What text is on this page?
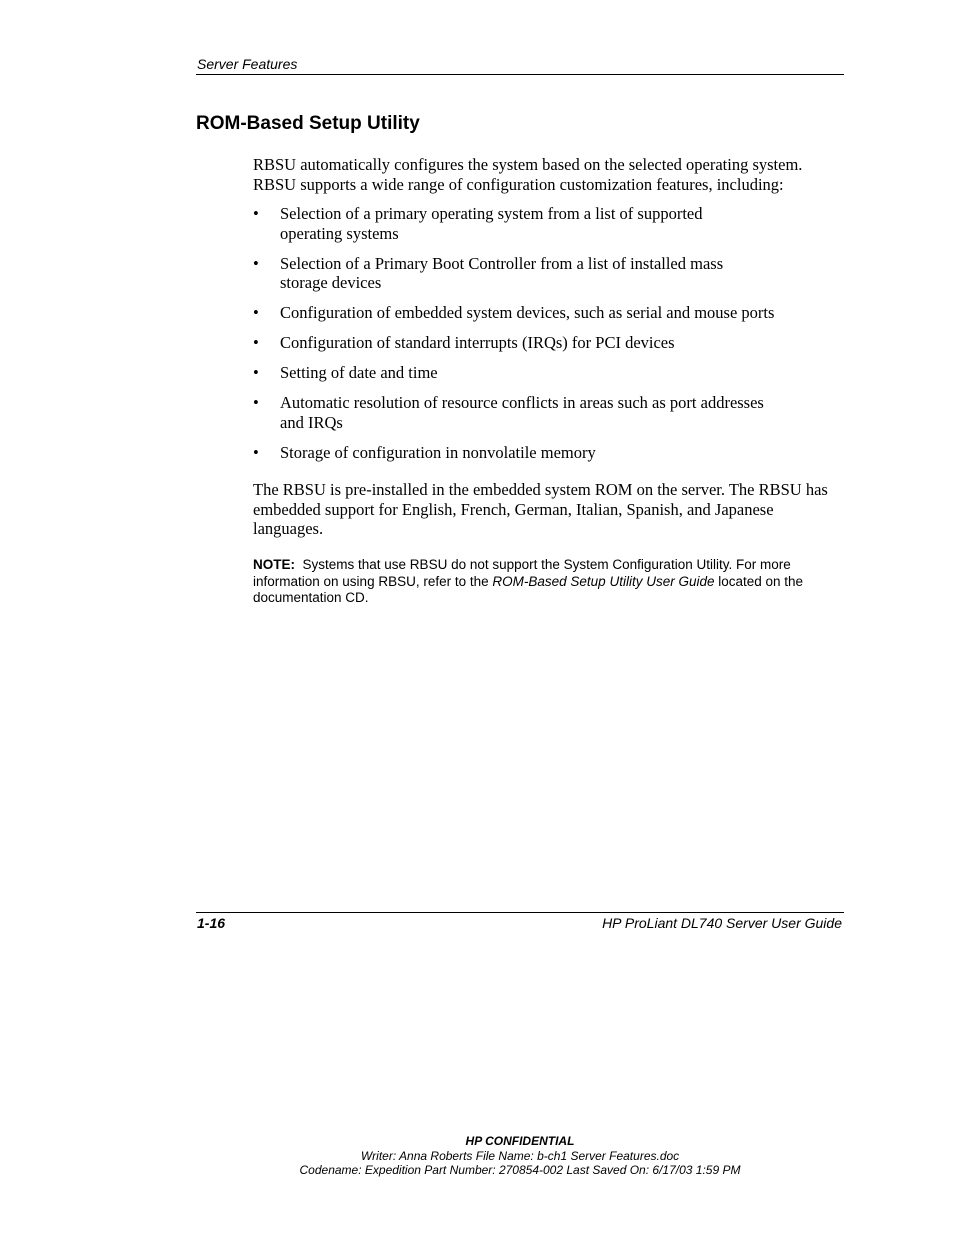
Server Features
ROM-Based Setup Utility

RBSU automatically configures the system based on the selected operating system. RBSU supports a wide range of configuration customization features, including:

• Selection of a primary operating system from a list of supported
operating systems
• Selection of a Primary Boot Controller from a list of installed mass
storage devices
• Configuration of embedded system devices, such as serial and mouse ports
• Configuration of standard interrupts (IRQs) for PCI devices
• Setting of date and time
• Automatic resolution of resource conflicts in areas such as port addresses
and IRQs
• Storage of configuration in nonvolatile memory

The RBSU is pre-installed in the embedded system ROM on the server. The RBSU has embedded support for English, French, German, Italian, Spanish, and Japanese languages.

NOTE: Systems that use RBSU do not support the System Configuration Utility. For more information on using RBSU, refer to the ROM-Based Setup Utility User Guide located on the documentation CD.

1-16	HP ProLiant DL740 Server User Guide
HP CONFIDENTIAL
Writer: Anna Roberts File Name: b-ch1 Server Features.doc
Codename: Expedition Part Number: 270854-002 Last Saved On: 6/17/03 1:59 PM
